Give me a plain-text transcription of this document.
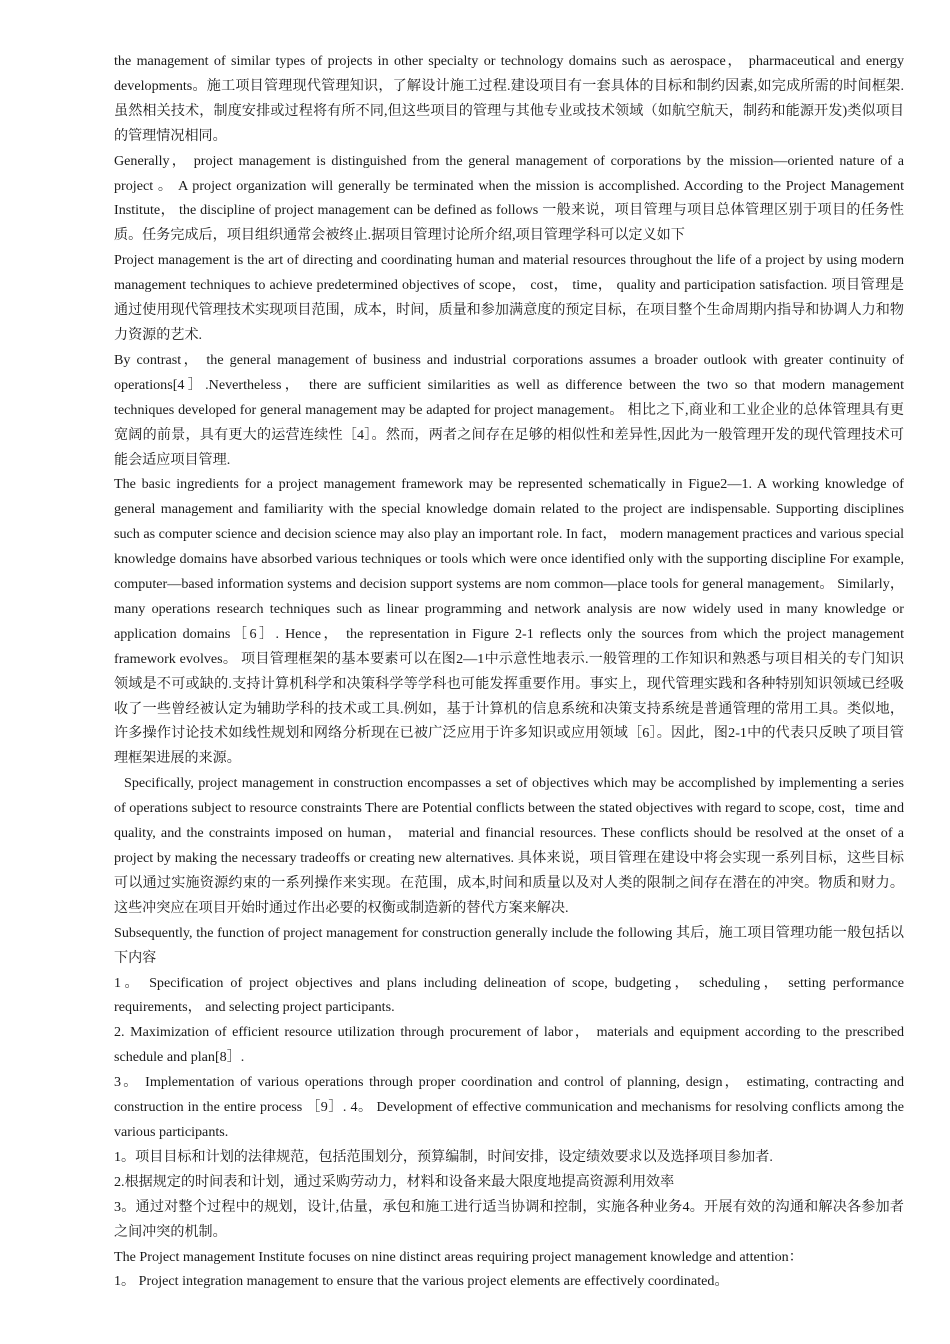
the management of similar types of projects in other specialty or technology domains such as aerospace， pharmaceutical and energy developments。施工项目管理现代管理知识，了解设计施工过程.建设项目有一套具体的目标和制约因素,如完成所需的时间框架.虽然相关技术，制度安排或过程将有所不同,但这些项目的管理与其他专业或技术领域（如航空航天，制药和能源开发)类似项目的管理情况相同。

Generally， project management is distinguished from the general management of corporations by the mission—oriented nature of a project 。 A project organization will generally be terminated when the mission is accomplished. According to the Project Management Institute， the discipline of project management can be defined as follows 一般来说，项目管理与项目总体管理区别于项目的任务性质。任务完成后，项目组织通常会被终止.据项目管理讨论所介绍,项目管理学科可以定义如下

Project management is the art of directing and coordinating human and material resources throughout the life of a project by using modern management techniques to achieve predetermined objectives of scope， cost， time， quality and participation satisfaction. 项目管理是通过使用现代管理技术实现项目范围，成本，时间，质量和参加满意度的预定目标，在项目整个生命周期内指导和协调人力和物力资源的艺术.

By contrast， the general management of business and industrial corporations assumes a broader outlook with greater continuity of operations[4］.Nevertheless， there are sufficient similarities as well as difference between the two so that modern management techniques developed for general management may be adapted for project management。 相比之下,商业和工业企业的总体管理具有更宽阔的前景，具有更大的运营连续性［4］。然而，两者之间存在足够的相似性和差异性,因此为一般管理开发的现代管理技术可能会适应项目管理.

The basic ingredients for a project management framework may be represented schematically in Figue2—1. A working knowledge of general management and familiarity with the special knowledge domain related to the project are indispensable. Supporting disciplines such as computer science and decision science may also play an important role. In fact， modern management practices and various special knowledge domains have absorbed various techniques or tools which were once identified only with the supporting discipline For example, computer—based information systems and decision support systems are nom common—place tools for general management。 Similarly， many operations research techniques such as linear programming and network analysis are now widely used in many knowledge or application domains［6］. Hence， the representation in Figure 2-1 reflects only the sources from which the project management framework evolves。 项目管理框架的基本要素可以在图2—1中示意性地表示.一般管理的工作知识和熟悉与项目相关的专门知识领域是不可或缺的.支持计算机科学和决策科学等学科也可能发挥重要作用。事实上，现代管理实践和各种特别知识领域已经吸收了一些曾经被认定为辅助学科的技术或工具.例如，基于计算机的信息系统和决策支持系统是普通管理的常用工具。类似地，许多操作讨论技术如线性规划和网络分析现在已被广泛应用于许多知识或应用领域［6］。因此，图2-1中的代表只反映了项目管理框架进展的来源。

Specifically, project management in construction encompasses a set of objectives which may be accomplished by implementing a series of operations subject to resource constraints There are Potential conflicts between the stated objectives with regard to scope, cost，time and quality, and the constraints imposed on human， material and financial resources. These conflicts should be resolved at the onset of a project by making the necessary tradeoffs or creating new alternatives. 具体来说，项目管理在建设中将会实现一系列目标，这些目标可以通过实施资源约束的一系列操作来实现。在范围，成本,时间和质量以及对人类的限制之间存在潜在的冲突。物质和财力。这些冲突应在项目开始时通过作出必要的权衡或制造新的替代方案来解决.

Subsequently, the function of project management for construction generally include the following 其后，施工项目管理功能一般包括以下内容

1。 Specification of project objectives and plans including delineation of scope, budgeting， scheduling， setting performance requirements， and selecting project participants.

2. Maximization of efficient resource utilization through procurement of labor， materials and equipment according to the prescribed schedule and plan[8］.

3。 Implementation of various operations through proper coordination and control of planning, design， estimating, contracting and construction in the entire process ［9］. 4。 Development of effective communication and mechanisms for resolving conflicts among the various participants.

1。项目目标和计划的法律规范，包括范围划分，预算编制，时间安排，设定绩效要求以及选择项目参加者.

2.根据规定的时间表和计划，通过采购劳动力，材料和设备来最大限度地提高资源利用效率

3。通过对整个过程中的规划，设计,估量，承包和施工进行适当协调和控制，实施各种业务4。开展有效的沟通和解决各参加者之间冲突的机制。

The Project management Institute focuses on nine distinct areas requiring project management knowledge and attention：

1。 Project integration management to ensure that the various project elements are effectively coordinated。
